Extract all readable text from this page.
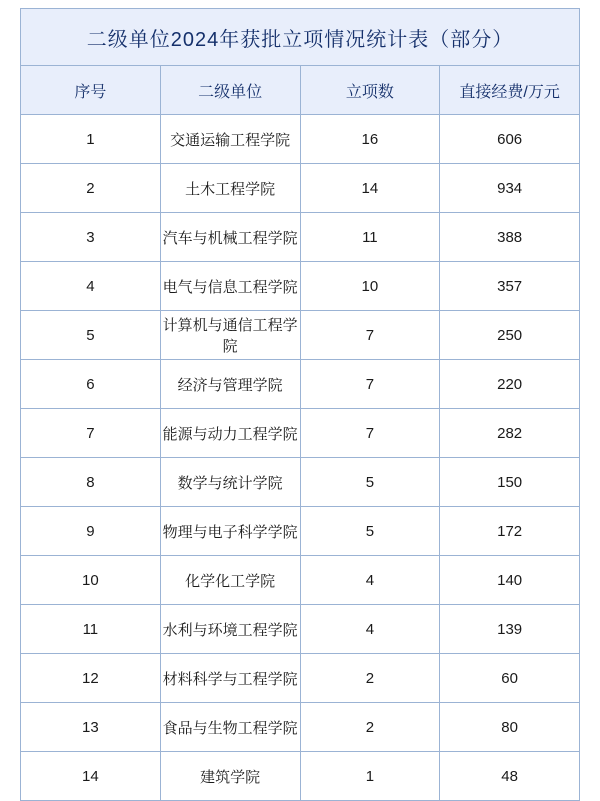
二级单位2024年获批立项情况统计表（部分）			
序号	二级单位	立项数	直接经费/万元
1	交通运输工程学院	16	606
2	土木工程学院	14	934
3	汽车与机械工程学院	11	388
4	电气与信息工程学院	10	357
5	计算机与通信工程学院	7	250
6	经济与管理学院	7	220
7	能源与动力工程学院	7	282
8	数学与统计学院	5	150
9	物理与电子科学学院	5	172
10	化学化工学院	4	140
11	水利与环境工程学院	4	139
12	材料科学与工程学院	2	60
13	食品与生物工程学院	2	80
14	建筑学院	1	48
